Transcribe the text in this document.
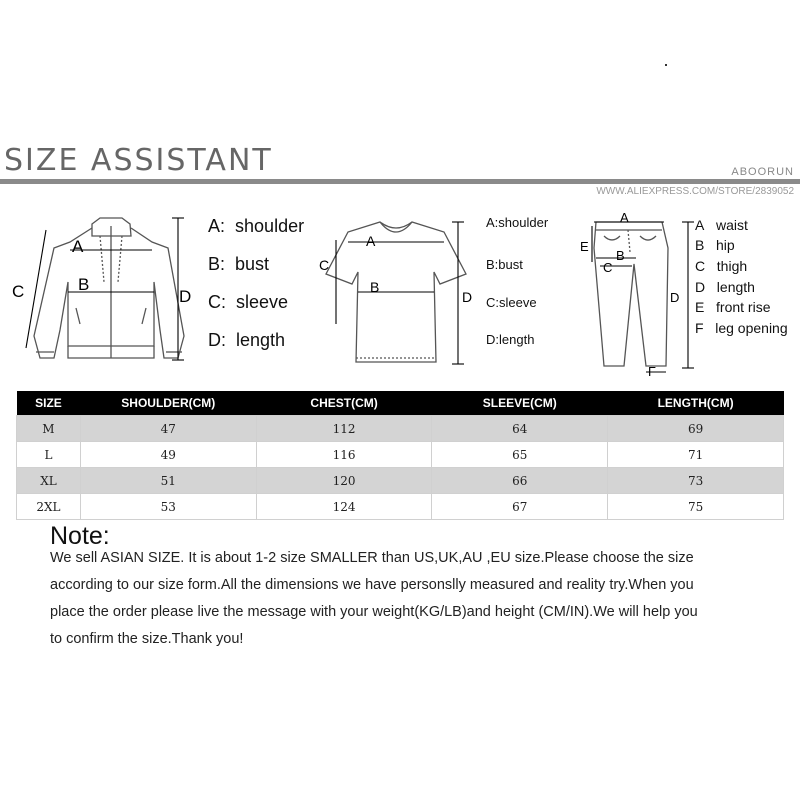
SIZE ASSISTANT	ABOORUN
WWW.ALIEXPRESS.COM/STORE/2839052
A
B
C	D
A: shoulder
B: bust
C: sleeve
D: length
A
B
C
D
A:shoulder
B:bust
C:sleeve
D:length
A
B
C
D
E
F
A waist
B hip
C thigh
D length
E front rise
F leg opening
SIZE	SHOULDER(CM)	CHEST(CM)	SLEEVE(CM)	LENGTH(CM)
M	47	112	64	69
L	49	116	65	71
XL	51	120	66	73
2XL	53	124	67	75
Note:
We sell ASIAN SIZE. It is about 1-2 size SMALLER than US,UK,AU ,EU size.Please choose the size
according to our size form.All the dimensions we have personslly measured and reality try.When you
place the order please live the message with your weight(KG/LB)and height (CM/IN).We will help you
to confirm the size.Thank you!
